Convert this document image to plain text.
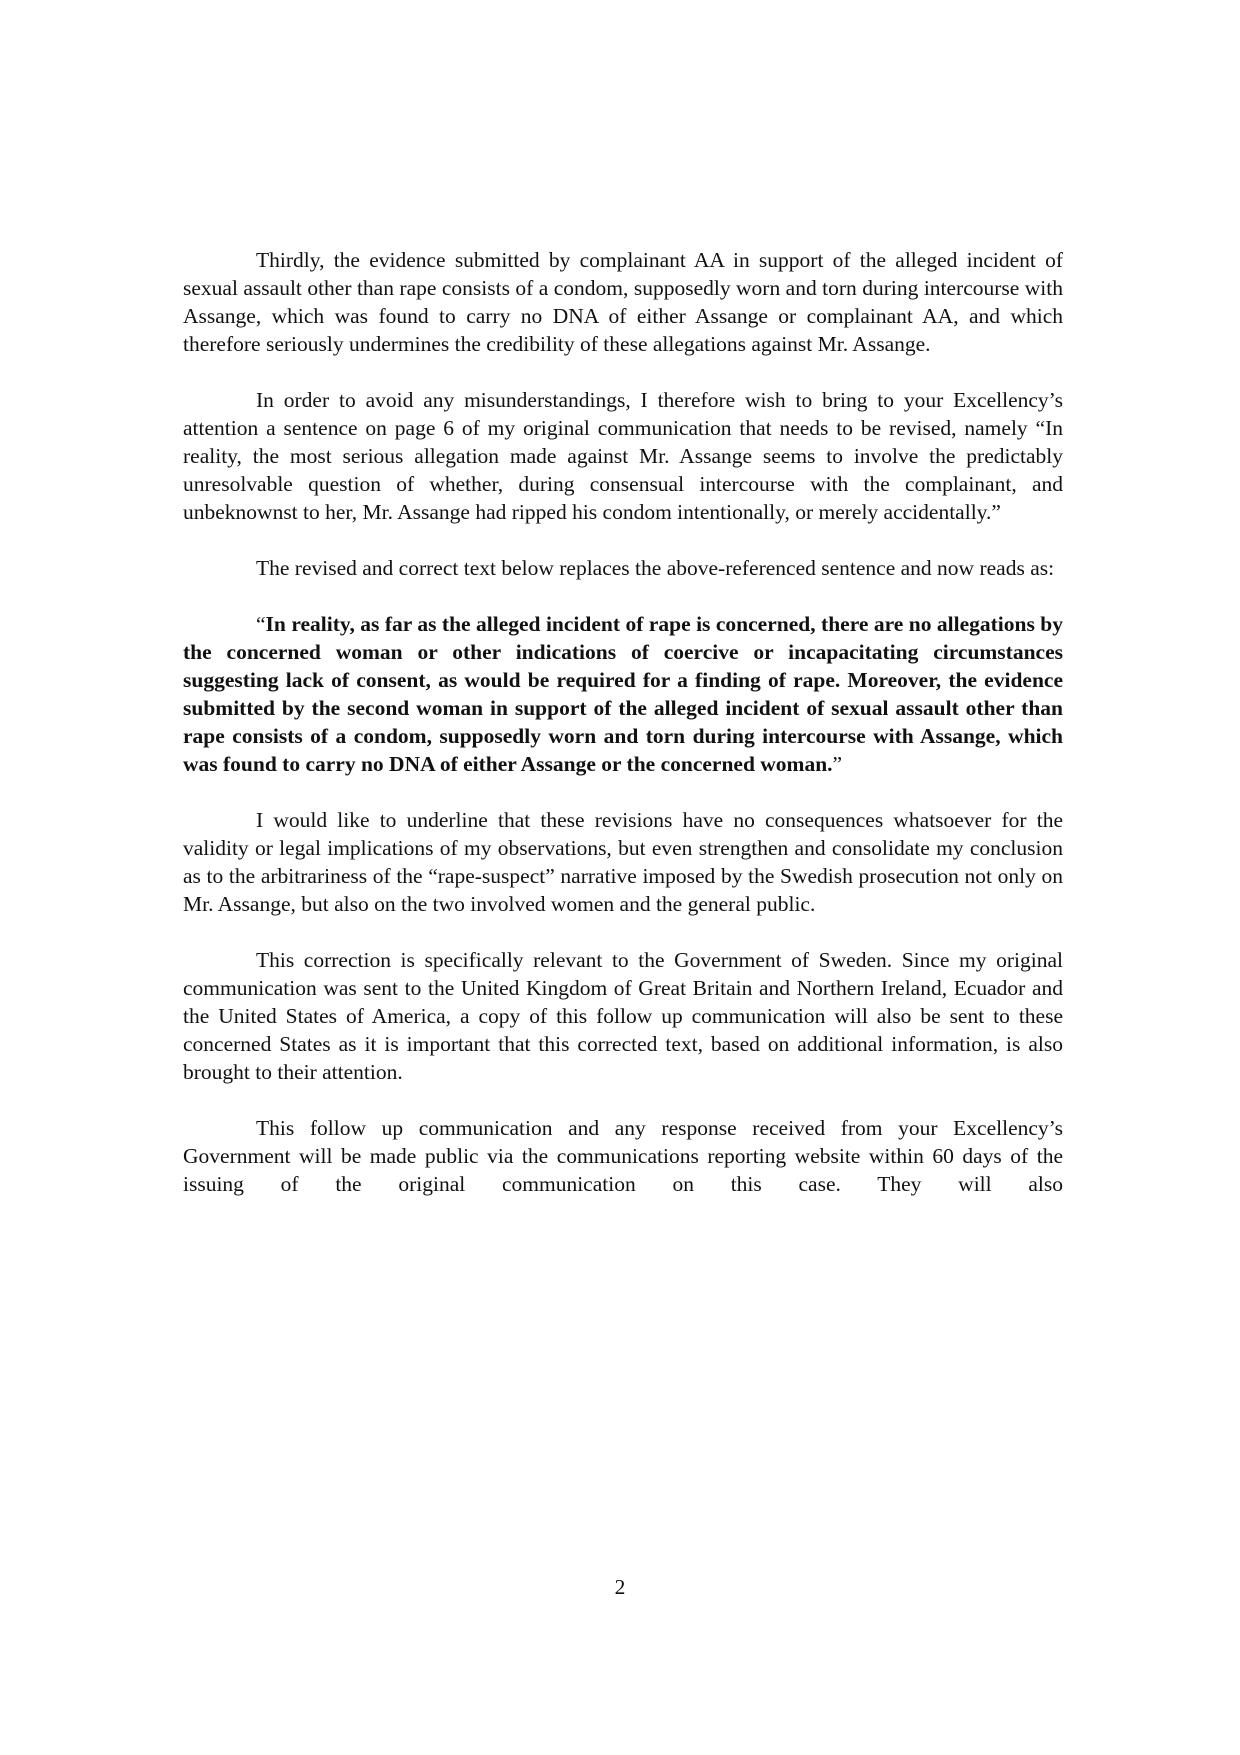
Thirdly, the evidence submitted by complainant AA in support of the alleged incident of sexual assault other than rape consists of a condom, supposedly worn and torn during intercourse with Assange, which was found to carry no DNA of either Assange or complainant AA, and which therefore seriously undermines the credibility of these allegations against Mr. Assange.

In order to avoid any misunderstandings, I therefore wish to bring to your Excellency’s attention a sentence on page 6 of my original communication that needs to be revised, namely “In reality, the most serious allegation made against Mr. Assange seems to involve the predictably unresolvable question of whether, during consensual intercourse with the complainant, and unbeknownst to her, Mr. Assange had ripped his condom intentionally, or merely accidentally.”

The revised and correct text below replaces the above-referenced sentence and now reads as:

“In reality, as far as the alleged incident of rape is concerned, there are no allegations by the concerned woman or other indications of coercive or incapacitating circumstances suggesting lack of consent, as would be required for a finding of rape. Moreover, the evidence submitted by the second woman in support of the alleged incident of sexual assault other than rape consists of a condom, supposedly worn and torn during intercourse with Assange, which was found to carry no DNA of either Assange or the concerned woman.”

I would like to underline that these revisions have no consequences whatsoever for the validity or legal implications of my observations, but even strengthen and consolidate my conclusion as to the arbitrariness of the “rape-suspect” narrative imposed by the Swedish prosecution not only on Mr. Assange, but also on the two involved women and the general public.

This correction is specifically relevant to the Government of Sweden. Since my original communication was sent to the United Kingdom of Great Britain and Northern Ireland, Ecuador and the United States of America, a copy of this follow up communication will also be sent to these concerned States as it is important that this corrected text, based on additional information, is also brought to their attention.

This follow up communication and any response received from your Excellency’s Government will be made public via the communications reporting website within 60 days of the issuing of the original communication on this case. They will also

2
